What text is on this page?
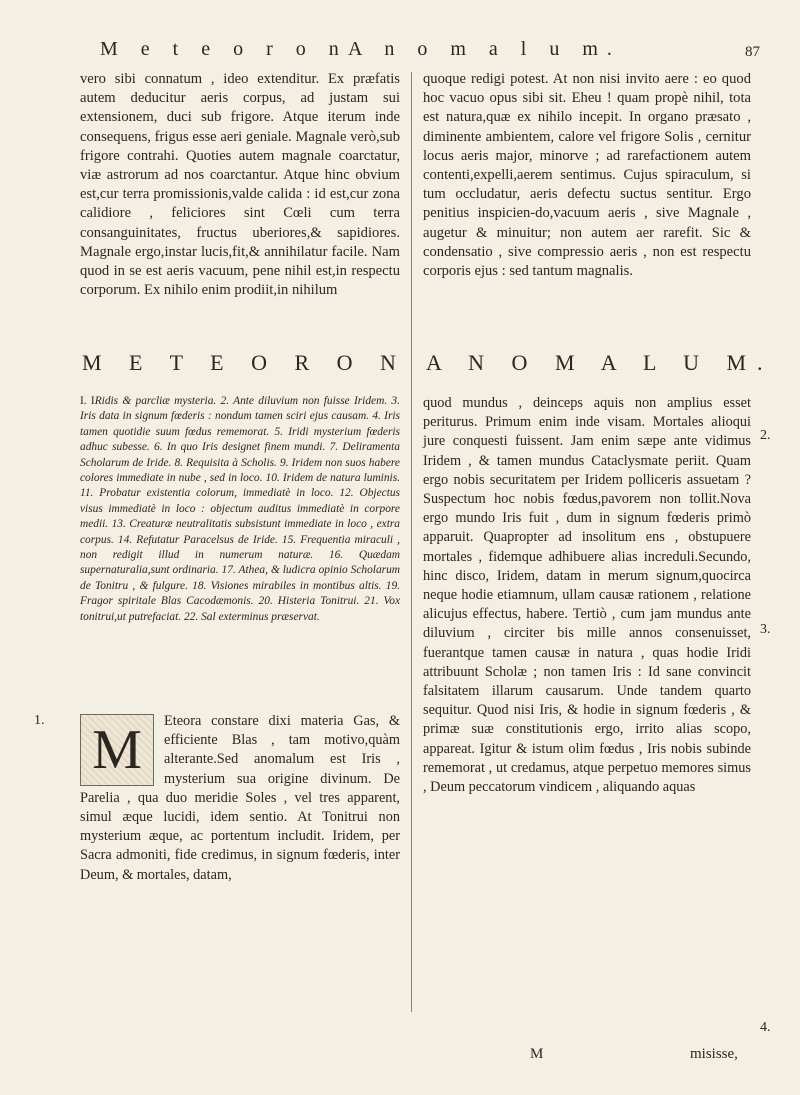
M e t e o r o n A n o m a l u m.	87

vero sibi connatum , ideo extenditur. Ex præfatis autem deducitur aeris corpus, ad justam sui extensionem, duci sub frigore. Atque iterum inde consequens, frigus esse aeri geniale. Magnale verò,sub frigore contrahi. Quoties autem magnale coarctatur, viæ astrorum ad nos coarctantur. Atque hinc obvium est,cur terra promissionis,valde calida : id est,cur zona calidiore , feliciores sint Cœli cum terra consanguinitates, fructus uberiores,& sapidiores. Magnale ergo,instar lucis,fit,& annihilatur facile. Nam quod in se est aeris vacuum, pene nihil est,in respectu corporum. Ex nihilo enim prodiit,in nihilum

M E T E O R O N

I. IRidis & parcliæ mysteria. 2. Ante diluvium non fuisse Iridem. 3. Iris data in signum fœderis : nondum tamen sciri ejus causam. 4. Iris tamen quotidie suum fœdus rememorat. 5. Iridi mysterium fœderis adhuc subesse. 6. In quo Iris designet finem mundi. 7. Deliramenta Scholarum de Iride. 8. Requisita à Scholis. 9. Iridem non suos habere colores immediate in nube , sed in loco. 10. Iridem de natura luminis. 11. Probatur existentia colorum, immediatè in loco. 12. Objectus visus immediatè in loco : objectum auditus immediatè in corpore medii. 13. Creaturæ neutralitatis subsistunt immediate in loco , extra corpus. 14. Refutatur Paracelsus de Iride. 15. Frequentia miraculi , non redigit illud in numerum naturæ. 16. Quædam supernaturalia,sunt ordinaria. 17. Athea, & ludicra opinio Scholarum de Tonitru , & fulgure. 18. Visiones mirabiles in montibus altis. 19. Fragor spiritale Blas Cacodæmonis. 20. Histeria Tonitrui. 21. Vox tonitrui,ut putrefaciat. 22. Sal exterminus præservat.

1. M	Eteora constare dixi materia Gas, & efficiente Blas , tam motivo,quàm alterante.Sed anomalum est Iris , mysterium sua origine divinum. De Parelia , qua duo meridie Soles , vel tres apparent, simul æque lucidi, idem sentio. At Tonitrui non mysterium æque, ac portentum includit. Iridem, per Sacra admoniti, fide credimus, in signum fœderis, inter Deum, & mortales, datam,

quoque redigi potest. At non nisi invito aere : eo quod hoc vacuo opus sibi sit. Eheu ! quam propè nihil, tota est natura,quæ ex nihilo incepit. In organo præsato , diminente ambientem, calore vel frigore Solis , cernitur locus aeris major, minorve ; ad rarefactionem autem contenti,expelli,aerem sentimus. Cujus spiraculum, si tum occludatur, aeris defectu suctus sentitur. Ergo penitius inspicien-do,vacuum aeris , sive Magnale , augetur & minuitur; non autem aer rarefit. Sic & condensatio , sive compressio aeris , non est respectu corporis ejus : sed tantum magnalis.

A N O M A L U M.

quod mundus , deinceps aquis non amplius esset periturus. Primum enim inde visam. Mortales alioqui jure conquesti fuissent. Jam enim sæpe ante vidimus Iridem , & tamen mundus Cataclysmate periit. Quam ergo nobis securitatem per Iridem polliceris assuetam ? Suspectum hoc nobis fœdus,pavorem non tollit.Nova ergo mundo Iris fuit , dum in signum fœderis primò apparuit. Quapropter ad insolitum ens , obstupuere mortales , fidemque adhibuere alias increduli.Secundo, hinc disco, Iridem, datam in merum signum,quocirca neque hodie etiamnum, ullam causæ rationem , relatione alicujus effectus, habere. Tertiò , cum jam mundus ante diluvium , circiter bis mille annos consenuisset, fuerantque tamen causæ in natura , quas hodie Iridi attribuunt Scholæ ; non tamen Iris : Id sane convincit falsitatem illarum causarum. Unde tandem quarto sequitur. Quod nisi Iris, & hodie in signum fœderis , & primæ suæ constitutionis ergo, irrito alias scopo, appareat. Igitur & istum olim fœdus , Iris nobis subinde rememorat , ut credamus, atque perpetuo memores simus , Deum peccatorum vindicem , aliquando aquas

2.
3.
4.
M	misisse,
